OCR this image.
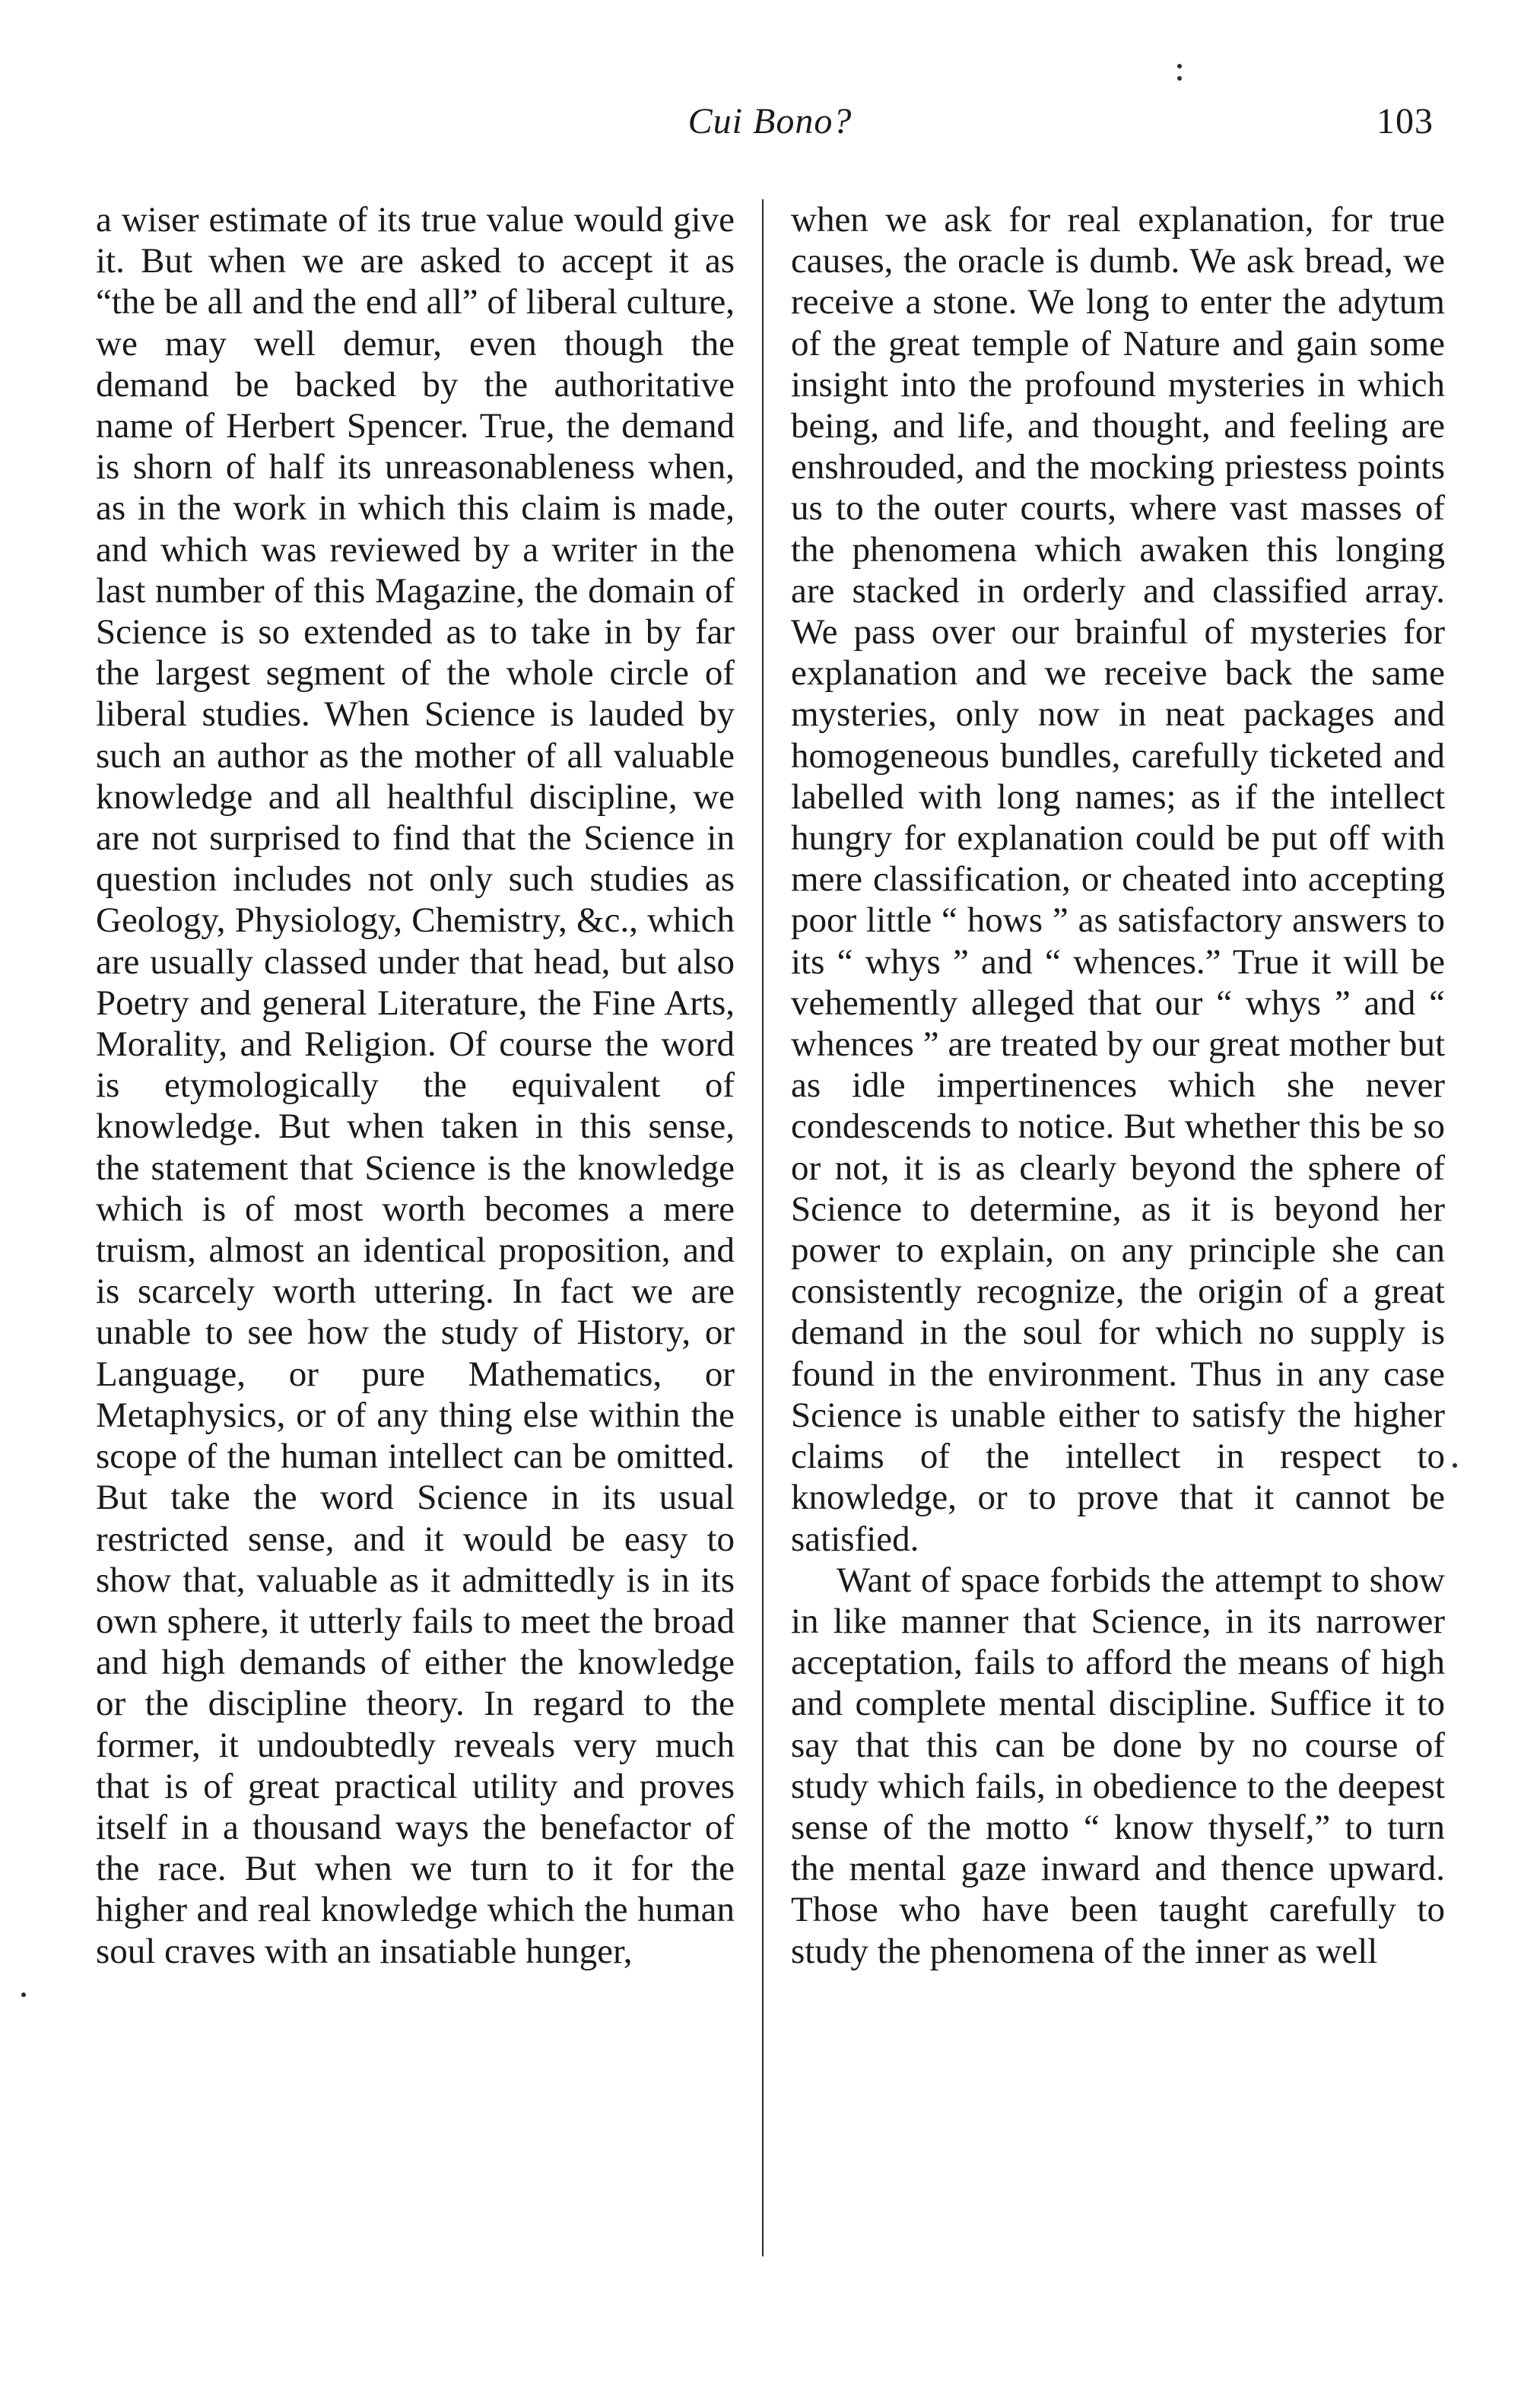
Cui Bono?	103

a wiser estimate of its true value would give it. But when we are asked to accept it as “the be all and the end all” of liberal culture, we may well demur, even though the demand be backed by the authoritative name of Herbert Spencer. True, the demand is shorn of half its unreasonableness when, as in the work in which this claim is made, and which was reviewed by a writer in the last number of this Magazine, the domain of Science is so extended as to take in by far the largest segment of the whole circle of liberal studies. When Science is lauded by such an author as the mother of all valuable knowledge and all healthful discipline, we are not surprised to find that the Science in question includes not only such studies as Geology, Physiology, Chemistry, &c., which are usually classed under that head, but also Poetry and general Literature, the Fine Arts, Morality, and Religion. Of course the word is etymologically the equivalent of knowledge. But when taken in this sense, the statement that Science is the knowledge which is of most worth becomes a mere truism, almost an identical proposition, and is scarcely worth uttering. In fact we are unable to see how the study of History, or Language, or pure Mathematics, or Metaphysics, or of any thing else within the scope of the human intellect can be omitted. But take the word Science in its usual restricted sense, and it would be easy to show that, valuable as it admittedly is in its own sphere, it utterly fails to meet the broad and high demands of either the knowledge or the discipline theory. In regard to the former, it undoubtedly reveals very much that is of great practical utility and proves itself in a thousand ways the benefactor of the race. But when we turn to it for the higher and real knowledge which the human soul craves with an insatiable hunger,

when we ask for real explanation, for true causes, the oracle is dumb. We ask bread, we receive a stone. We long to enter the adytum of the great temple of Nature and gain some insight into the profound mysteries in which being, and life, and thought, and feeling are enshrouded, and the mocking priestess points us to the outer courts, where vast masses of the phenomena which awaken this longing are stacked in orderly and classified array. We pass over our brainful of mysteries for explanation and we receive back the same mysteries, only now in neat packages and homogeneous bundles, carefully ticketed and labelled with long names; as if the intellect hungry for explanation could be put off with mere classification, or cheated into accepting poor little “ hows ” as satisfactory answers to its “ whys ” and “ whences.” True it will be vehemently alleged that our “ whys ” and “ whences ” are treated by our great mother but as idle impertinences which she never condescends to notice. But whether this be so or not, it is as clearly beyond the sphere of Science to determine, as it is beyond her power to explain, on any principle she can consistently recognize, the origin of a great demand in the soul for which no supply is found in the environment. Thus in any case Science is unable either to satisfy the higher claims of the intellect in respect to knowledge, or to prove that it cannot be satisfied.

Want of space forbids the attempt to show in like manner that Science, in its narrower acceptation, fails to afford the means of high and complete mental discipline. Suffice it to say that this can be done by no course of study which fails, in obedience to the deepest sense of the motto “ know thyself,” to turn the mental gaze inward and thence upward. Those who have been taught carefully to study the phenomena of the inner as well
